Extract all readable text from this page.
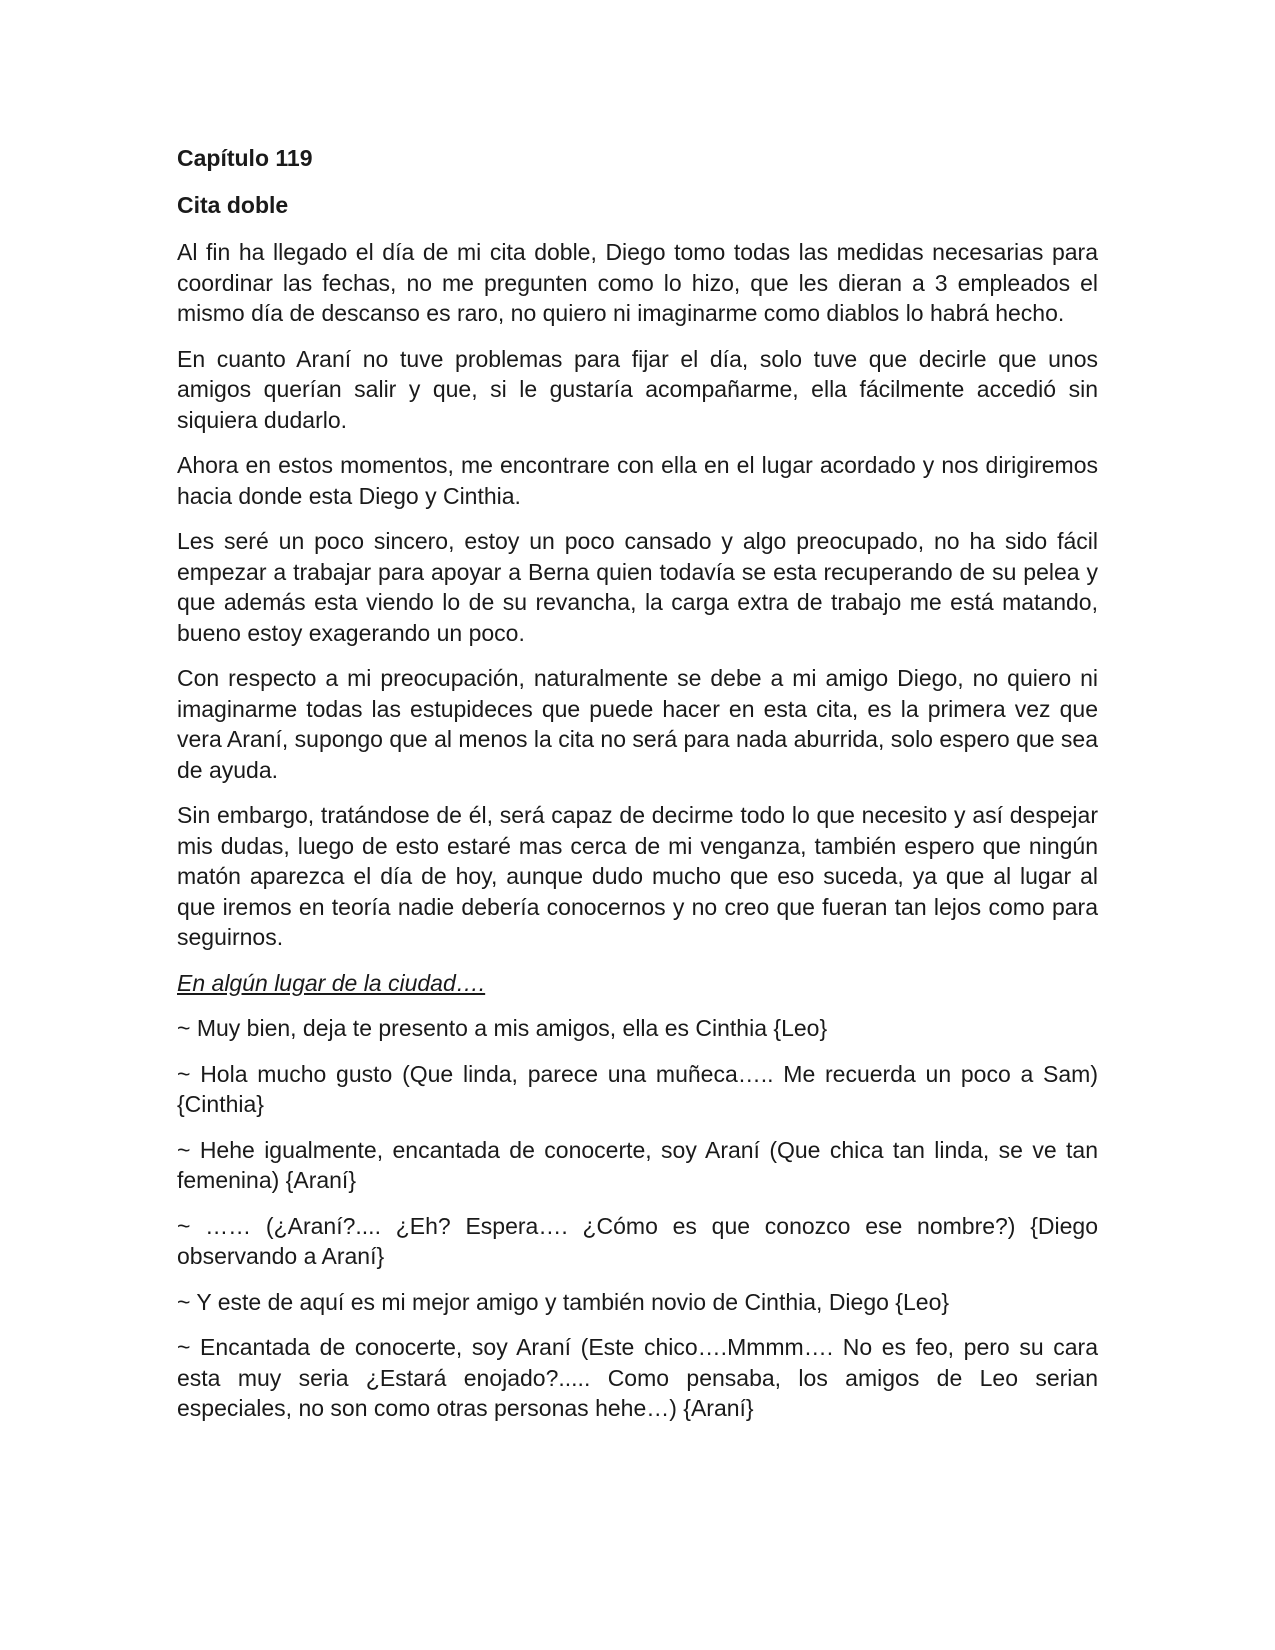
Capítulo 119

Cita doble

Al fin ha llegado el día de mi cita doble, Diego tomo todas las medidas necesarias para coordinar las fechas, no me pregunten como lo hizo, que les dieran a 3 empleados el mismo día de descanso es raro, no quiero ni imaginarme como diablos lo habrá hecho.

En cuanto Araní no tuve problemas para fijar el día, solo tuve que decirle que unos amigos querían salir y que, si le gustaría acompañarme, ella fácilmente accedió sin siquiera dudarlo.

Ahora en estos momentos, me encontrare con ella en el lugar acordado y nos dirigiremos hacia donde esta Diego y Cinthia.

Les seré un poco sincero, estoy un poco cansado y algo preocupado, no ha sido fácil empezar a trabajar para apoyar a Berna quien todavía se esta recuperando de su pelea y que además esta viendo lo de su revancha, la carga extra de trabajo me está matando, bueno estoy exagerando un poco.

Con respecto a mi preocupación, naturalmente se debe a mi amigo Diego, no quiero ni imaginarme todas las estupideces que puede hacer en esta cita, es la primera vez que vera Araní, supongo que al menos la cita no será para nada aburrida, solo espero que sea de ayuda.

Sin embargo, tratándose de él, será capaz de decirme todo lo que necesito y así despejar mis dudas, luego de esto estaré mas cerca de mi venganza, también espero que ningún matón aparezca el día de hoy, aunque dudo mucho que eso suceda, ya que al lugar al que iremos en teoría nadie debería conocernos y no creo que fueran tan lejos como para seguirnos.

En algún lugar de la ciudad….

~ Muy bien, deja te presento a mis amigos, ella es Cinthia {Leo}

~ Hola mucho gusto (Que linda, parece una muñeca….. Me recuerda un poco a Sam) {Cinthia}

~ Hehe igualmente, encantada de conocerte, soy Araní (Que chica tan linda, se ve tan femenina) {Araní}

~ …… (¿Araní?.... ¿Eh? Espera…. ¿Cómo es que conozco ese nombre?) {Diego observando a Araní}

~ Y este de aquí es mi mejor amigo y también novio de Cinthia, Diego {Leo}

~ Encantada de conocerte, soy Araní (Este chico….Mmmm…. No es feo, pero su cara esta muy seria ¿Estará enojado?..... Como pensaba, los amigos de Leo serian especiales, no son como otras personas hehe…) {Araní}
